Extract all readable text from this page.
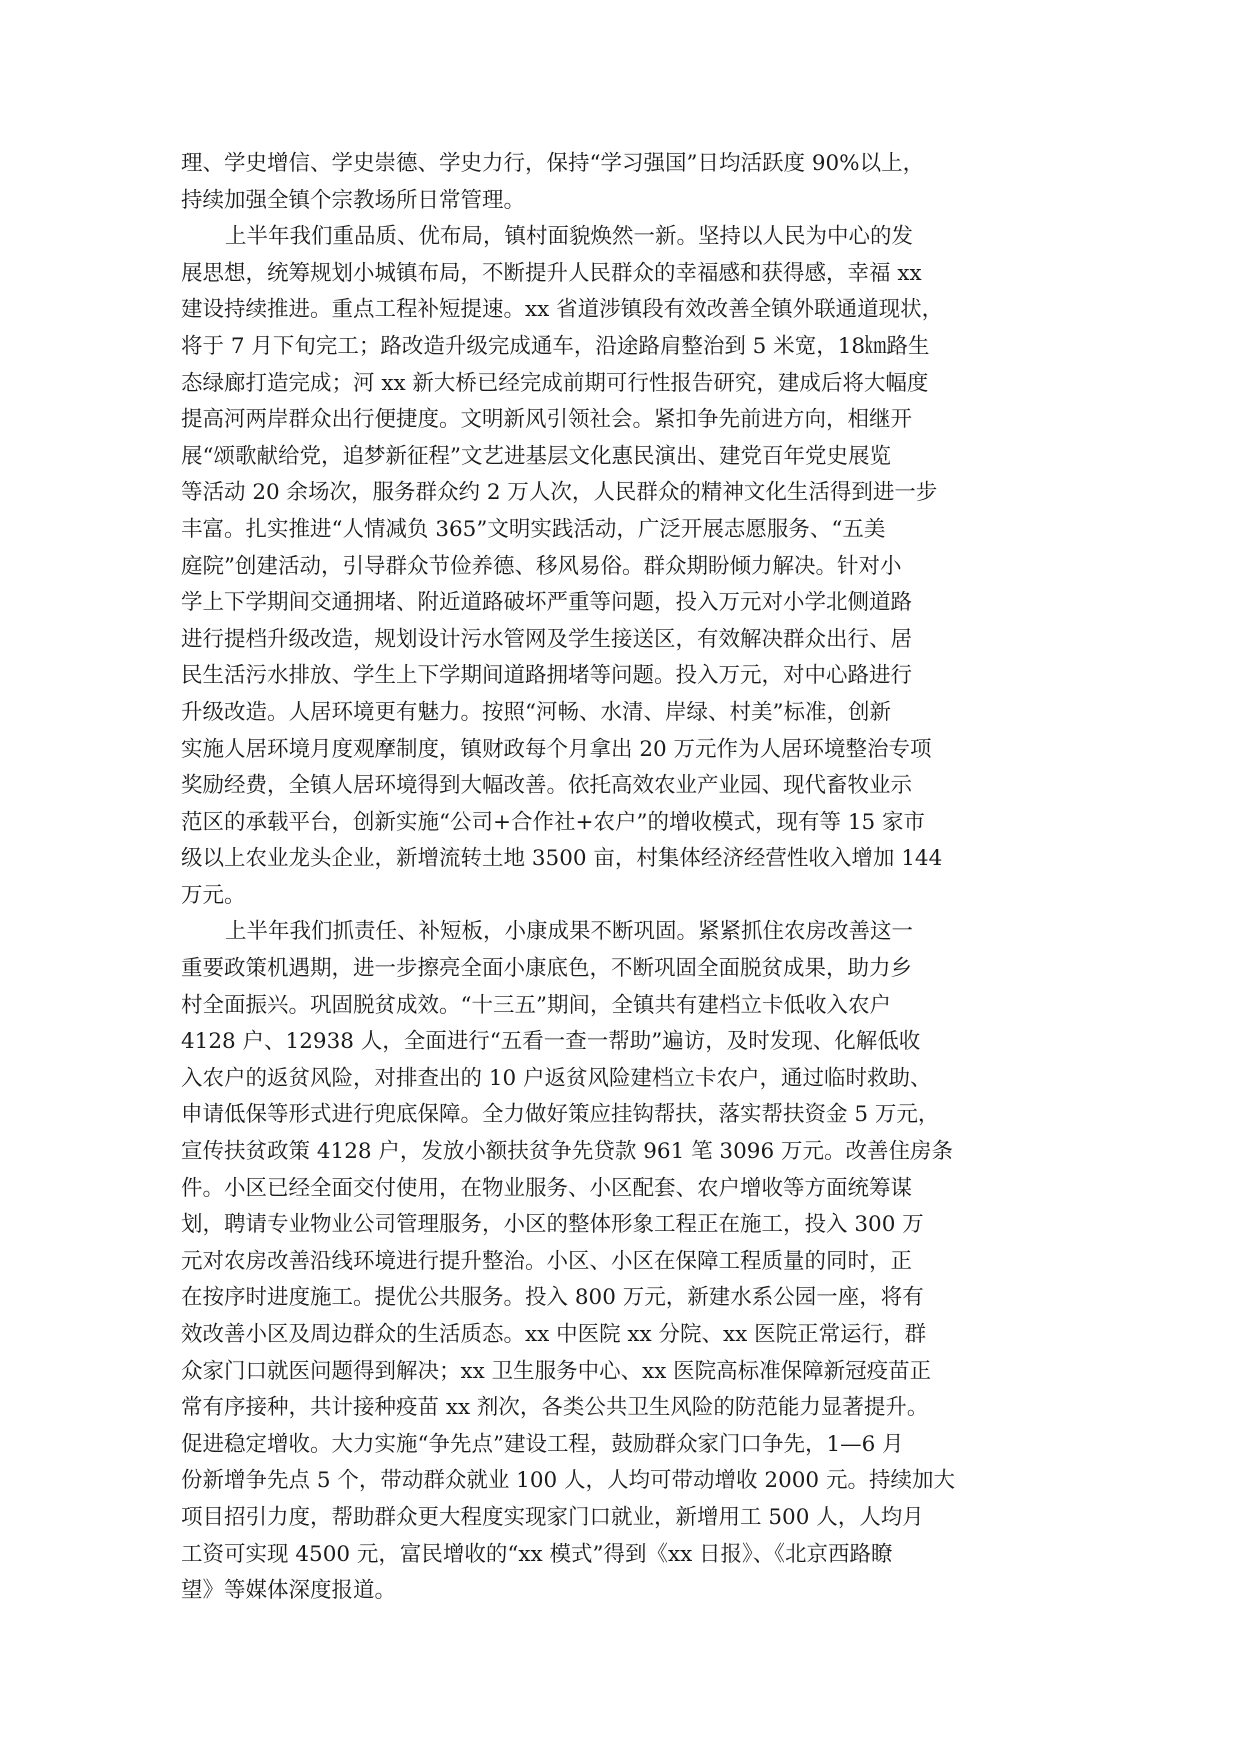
理、学史增信、学史崇德、学史力行，保持“学习强国”日均活跃度 90%以上，
持续加强全镇个宗教场所日常管理。
上半年我们重品质、优布局，镇村面貌焕然一新。坚持以人民为中心的发
展思想，统筹规划小城镇布局，不断提升人民群众的幸福感和获得感，幸福 xx
建设持续推进。重点工程补短提速。xx 省道涉镇段有效改善全镇外联通道现状，
将于 7 月下旬完工；路改造升级完成通车，沿途路肩整治到 5 米宽，18㎞路生
态绿廊打造完成；河 xx 新大桥已经完成前期可行性报告研究，建成后将大幅度
提高河两岸群众出行便捷度。文明新风引领社会。紧扣争先前进方向，相继开
展“颂歌献给党，追梦新征程”文艺进基层文化惠民演出、建党百年党史展览
等活动 20 余场次，服务群众约 2 万人次，人民群众的精神文化生活得到进一步
丰富。扎实推进“人情减负 365”文明实践活动，广泛开展志愿服务、“五美
庭院”创建活动，引导群众节俭养德、移风易俗。群众期盼倾力解决。针对小
学上下学期间交通拥堵、附近道路破坏严重等问题，投入万元对小学北侧道路
进行提档升级改造，规划设计污水管网及学生接送区，有效解决群众出行、居
民生活污水排放、学生上下学期间道路拥堵等问题。投入万元，对中心路进行
升级改造。人居环境更有魅力。按照“河畅、水清、岸绿、村美”标准，创新
实施人居环境月度观摩制度，镇财政每个月拿出 20 万元作为人居环境整治专项
奖励经费，全镇人居环境得到大幅改善。依托高效农业产业园、现代畜牧业示
范区的承载平台，创新实施“公司+合作社+农户”的增收模式，现有等 15 家市
级以上农业龙头企业，新增流转土地 3500 亩，村集体经济经营性收入增加 144
万元。
上半年我们抓责任、补短板，小康成果不断巩固。紧紧抓住农房改善这一
重要政策机遇期，进一步擦亮全面小康底色，不断巩固全面脱贫成果，助力乡
村全面振兴。巩固脱贫成效。“十三五”期间，全镇共有建档立卡低收入农户
4128 户、12938 人，全面进行“五看一查一帮助”遍访，及时发现、化解低收
入农户的返贫风险，对排查出的 10 户返贫风险建档立卡农户，通过临时救助、
申请低保等形式进行兜底保障。全力做好策应挂钩帮扶，落实帮扶资金 5 万元，
宣传扶贫政策 4128 户，发放小额扶贫争先贷款 961 笔 3096 万元。改善住房条
件。小区已经全面交付使用，在物业服务、小区配套、农户增收等方面统筹谋
划，聘请专业物业公司管理服务，小区的整体形象工程正在施工，投入 300 万
元对农房改善沿线环境进行提升整治。小区、小区在保障工程质量的同时，正
在按序时进度施工。提优公共服务。投入 800 万元，新建水系公园一座，将有
效改善小区及周边群众的生活质态。xx 中医院 xx 分院、xx 医院正常运行，群
众家门口就医问题得到解决；xx 卫生服务中心、xx 医院高标准保障新冠疫苗正
常有序接种，共计接种疫苗 xx 剂次，各类公共卫生风险的防范能力显著提升。
促进稳定增收。大力实施“争先点”建设工程，鼓励群众家门口争先，1—6 月
份新增争先点 5 个，带动群众就业 100 人，人均可带动增收 2000 元。持续加大
项目招引力度，帮助群众更大程度实现家门口就业，新增用工 500 人，人均月
工资可实现 4500 元，富民增收的“xx 模式”得到《xx 日报》、《北京西路瞭
望》等媒体深度报道。
